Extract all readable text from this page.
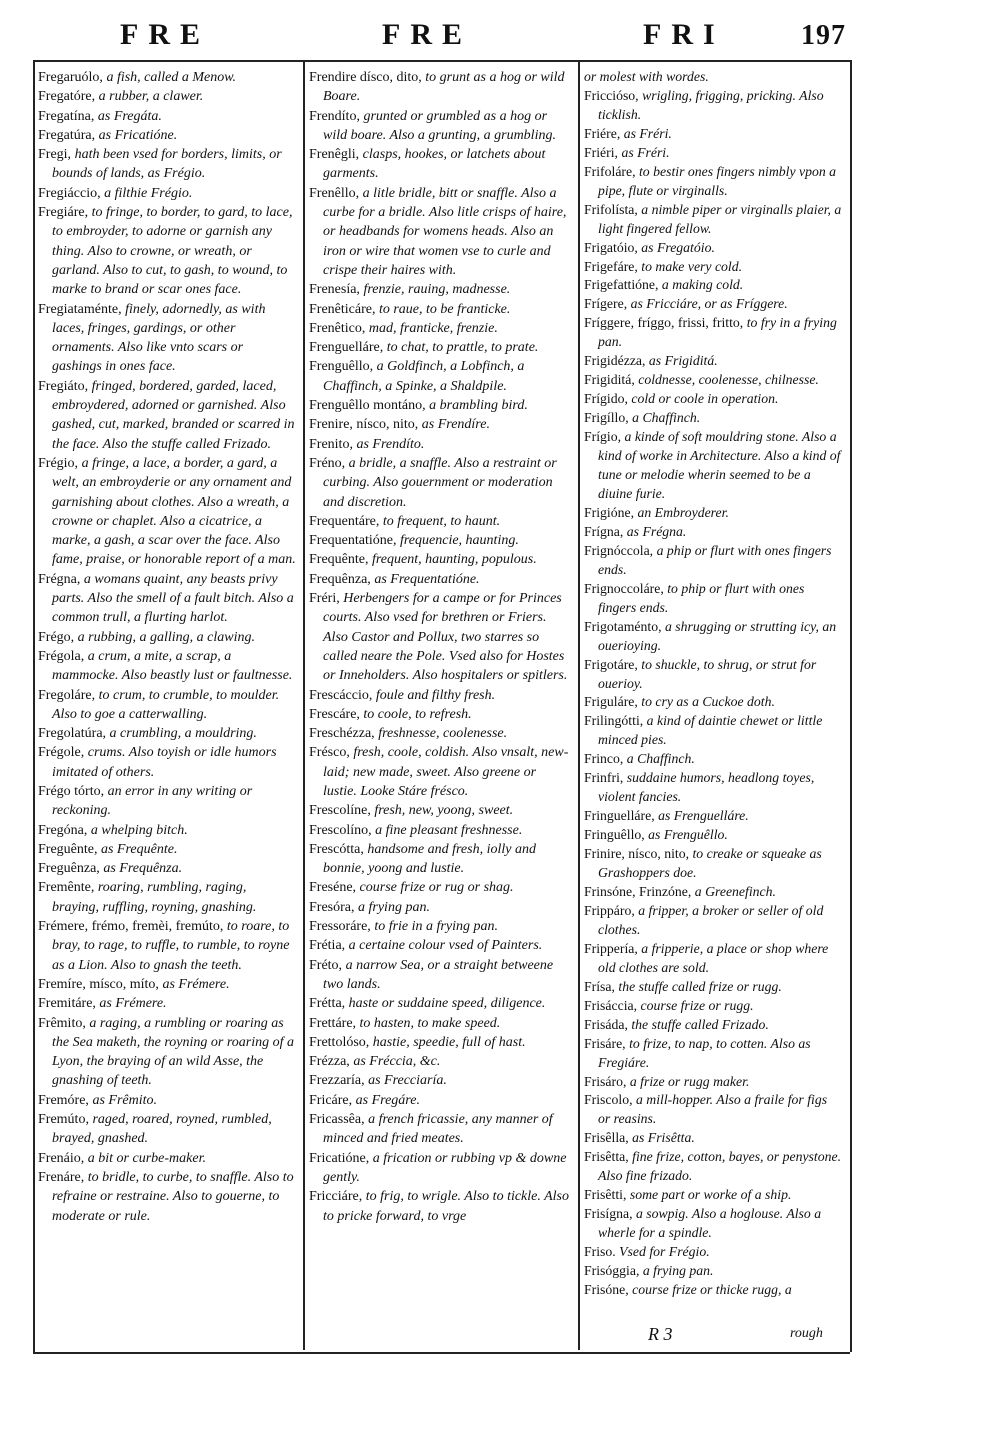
FRE	FRE	FRI	197

Fregaruólo, a fish, called a Menow.

Fregatóre, a rubber, a clawer.

Fregatína, as Fregáta.

Fregatúra, as Fricatióne.

Fregi, hath been vsed for borders, limits, or bounds of lands, as Frégio.

Fregiáccio, a filthie Frégio.

Fregiáre, to fringe, to border, to gard, to lace, to embroyder, to adorne or garnish any thing. Also to crowne, or wreath, or garland. Also to cut, to gash, to wound, to marke to brand or scar ones face.

Fregiataménte, finely, adornedly, as with laces, fringes, gardings, or other ornaments. Also like vnto scars or gashings in ones face.

Fregiáto, fringed, bordered, garded, laced, embroydered, adorned or garnished. Also gashed, cut, marked, branded or scarred in the face. Also the stuffe called Frizado.

Frégio, a fringe, a lace, a border, a gard, a welt, an embroyderie or any ornament and garnishing about clothes. Also a wreath, a crowne or chaplet. Also a cicatrice, a marke, a gash, a scar over the face. Also fame, praise, or honorable report of a man.

Frégna, a womans quaint, any beasts privy parts. Also the smell of a fault bitch. Also a common trull, a flurting harlot.

Frégo, a rubbing, a galling, a clawing.

Frégola, a crum, a mite, a scrap, a mammocke. Also beastly lust or faultnesse.

Fregoláre, to crum, to crumble, to moulder. Also to goe a catterwalling.

Fregolatúra, a crumbling, a mouldring.

Frégole, crums. Also toyish or idle humors imitated of others.

Frégo tórto, an error in any writing or reckoning.

Fregóna, a whelping bitch.

Freguênte, as Frequênte.

Freguênza, as Frequênza.

Fremênte, roaring, rumbling, raging, braying, ruffling, royning, gnashing.

Frémere, frémo, fremèi, fremúto, to roare, to bray, to rage, to ruffle, to rumble, to royne as a Lion. Also to gnash the teeth.

Fremíre, mísco, míto, as Frémere.

Fremitáre, as Frémere.

Frêmito, a raging, a rumbling or roaring as the Sea maketh, the royning or roaring of a Lyon, the braying of an wild Asse, the gnashing of teeth.

Fremóre, as Frêmito.

Fremúto, raged, roared, royned, rumbled, brayed, gnashed.

Frenáio, a bit or curbe-maker.

Frenáre, to bridle, to curbe, to snaffle. Also to refraine or restraine. Also to gouerne, to moderate or rule.

Frendire dísco, dito, to grunt as a hog or wild Boare.

Frendíto, grunted or grumbled as a hog or wild boare. Also a grunting, a grumbling.

Frenêgli, clasps, hookes, or latchets about garments.

Frenêllo, a litle bridle, bitt or snaffle. Also a curbe for a bridle. Also litle crisps of haire, or headbands for womens heads. Also an iron or wire that women vse to curle and crispe their haires with.

Frenesía, frenzie, rauing, madnesse.

Frenêticáre, to raue, to be franticke.

Frenêtico, mad, franticke, frenzie.

Frenguelláre, to chat, to prattle, to prate.

Frenguêllo, a Goldfinch, a Lobfinch, a Chaffinch, a Spinke, a Shaldpile.

Frenguêllo montáno, a brambling bird.

Frenire, nísco, nito, as Frendíre.

Frenito, as Frendíto.

Fréno, a bridle, a snaffle. Also a restraint or curbing. Also gouernment or moderation and discretion.

Frequentáre, to frequent, to haunt.

Frequentatióne, frequencie, haunting.

Frequênte, frequent, haunting, populous.

Frequênza, as Frequentatióne.

Fréri, Herbengers for a campe or for Princes courts. Also vsed for brethren or Friers. Also Castor and Pollux, two starres so called neare the Pole. Vsed also for Hostes or Inneholders. Also hospitalers or spitlers.

Frescáccio, foule and filthy fresh.

Frescáre, to coole, to refresh.

Freschézza, freshnesse, coolenesse.

Frésco, fresh, coole, coldish. Also vnsalt, new-laid; new made, sweet. Also greene or lustie. Looke Stáre frésco.

Frescolíne, fresh, new, yoong, sweet.

Frescolíno, a fine pleasant freshnesse.

Frescótta, handsome and fresh, iolly and bonnie, yoong and lustie.

Freséne, course frize or rug or shag.

Fresóra, a frying pan.

Fressoráre, to frie in a frying pan.

Frétia, a certaine colour vsed of Painters.

Fréto, a narrow Sea, or a straight betweene two lands.

Frétta, haste or suddaine speed, diligence.

Frettáre, to hasten, to make speed.

Frettolóso, hastie, speedie, full of hast.

Frézza, as Fréccia, &c.

Frezzaría, as Frecciaría.

Fricáre, as Fregáre.

Fricassêa, a french fricassie, any manner of minced and fried meates.

Fricatióne, a frication or rubbing vp & downe gently.

Fricciáre, to frig, to wrigle. Also to tickle. Also to pricke forward, to vrge

or molest with wordes.

Friccióso, wrigling, frigging, pricking. Also ticklish.

Friére, as Fréri.

Friéri, as Fréri.

Frifoláre, to bestir ones fingers nimbly vpon a pipe, flute or virginalls.

Frifolísta, a nimble piper or virginalls plaier, a light fingered fellow.

Frigatóio, as Fregatóio.

Frigefáre, to make very cold.

Frigefattióne, a making cold.

Frígere, as Fricciáre, or as Fríggere.

Fríggere, fríggo, frissi, fritto, to fry in a frying pan.

Frigidézza, as Frigiditá.

Frigiditá, coldnesse, coolenesse, chilnesse.

Frígido, cold or coole in operation.

Frigíllo, a Chaffinch.

Frígio, a kinde of soft mouldring stone. Also a kind of worke in Architecture. Also a kind of tune or melodie wherin seemed to be a diuine furie.

Frigióne, an Embroyderer.

Frígna, as Frégna.

Frignóccola, a phip or flurt with ones fingers ends.

Frignoccoláre, to phip or flurt with ones fingers ends.

Frigotaménto, a shrugging or strutting icy, an ouerioying.

Frigotáre, to shuckle, to shrug, or strut for ouerioy.

Friguláre, to cry as a Cuckoe doth.

Frilingótti, a kind of daintie chewet or little minced pies.

Frinco, a Chaffinch.

Frinfri, suddaine humors, headlong toyes, violent fancies.

Fringuelláre, as Frenguelláre.

Fringuêllo, as Frenguêllo.

Frinire, nísco, nito, to creake or squeake as Grashoppers doe.

Frinsóne, Frinzóne, a Greenefinch.

Frippáro, a fripper, a broker or seller of old clothes.

Frippería, a fripperie, a place or shop where old clothes are sold.

Frísa, the stuffe called frize or rugg.

Frisáccia, course frize or rugg.

Frisáda, the stuffe called Frizado.

Frisáre, to frize, to nap, to cotten. Also as Fregiáre.

Frisáro, a frize or rugg maker.

Friscolo, a mill-hopper. Also a fraile for figs or reasins.

Frisêlla, as Frisêtta.

Frisêtta, fine frize, cotton, bayes, or penystone. Also fine frizado.

Frisêtti, some part or worke of a ship.

Frisígna, a sowpig. Also a hoglouse. Also a wherle for a spindle.

Friso. Vsed for Frégio.

Frisóggia, a frying pan.

Frisóne, course frize or thicke rugg, a

R 3	rough
